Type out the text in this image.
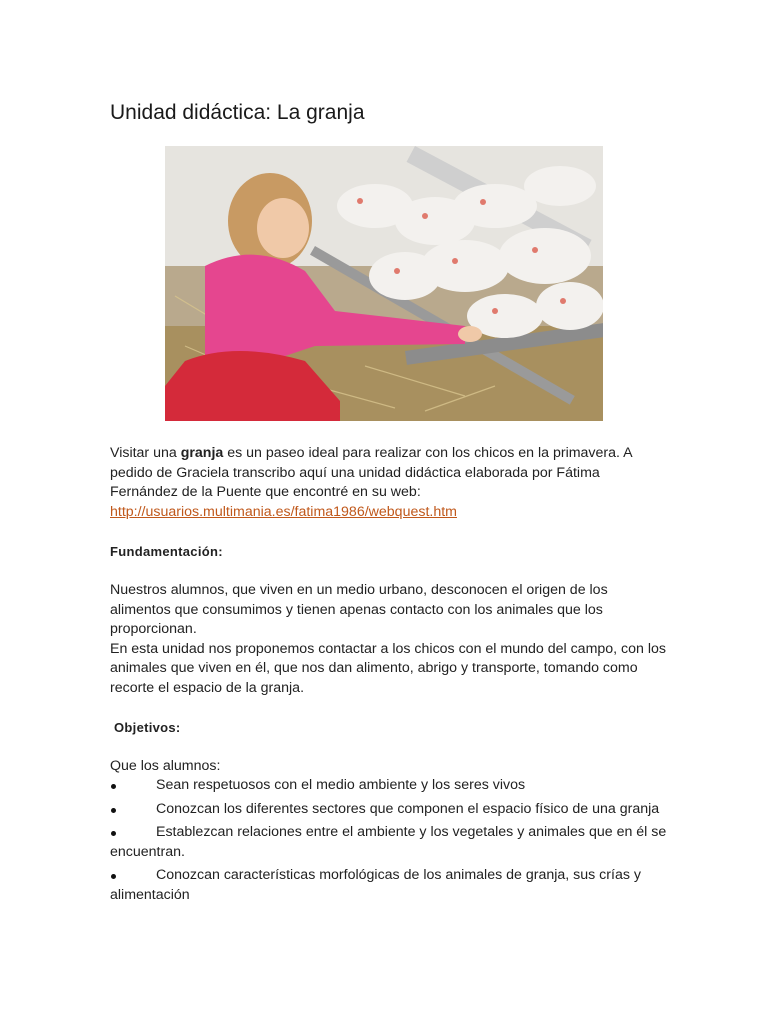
Unidad didáctica: La granja
Visitar una granja es un paseo ideal para realizar con los chicos en la primavera. A pedido de Graciela transcribo aquí una unidad didáctica elaborada por Fátima Fernández de la Puente que encontré en su web:
http://usuarios.multimania.es/fatima1986/webquest.htm
Fundamentación:
Nuestros alumnos, que viven en un medio urbano, desconocen el origen de los alimentos que consumimos y tienen apenas contacto con los animales que los proporcionan.
En esta unidad nos proponemos contactar a los chicos con el mundo del campo, con los animales que viven en él, que nos dan alimento, abrigo y transporte, tomando como recorte el espacio de la granja.
Objetivos:
Que los alumnos:
Sean respetuosos con el medio ambiente y los seres vivos
Conozcan los diferentes sectores que componen el espacio físico de una granja
Establezcan relaciones entre el ambiente y los vegetales y animales que en él se encuentran.
Conozcan características morfológicas de los animales de granja, sus crías y alimentación
